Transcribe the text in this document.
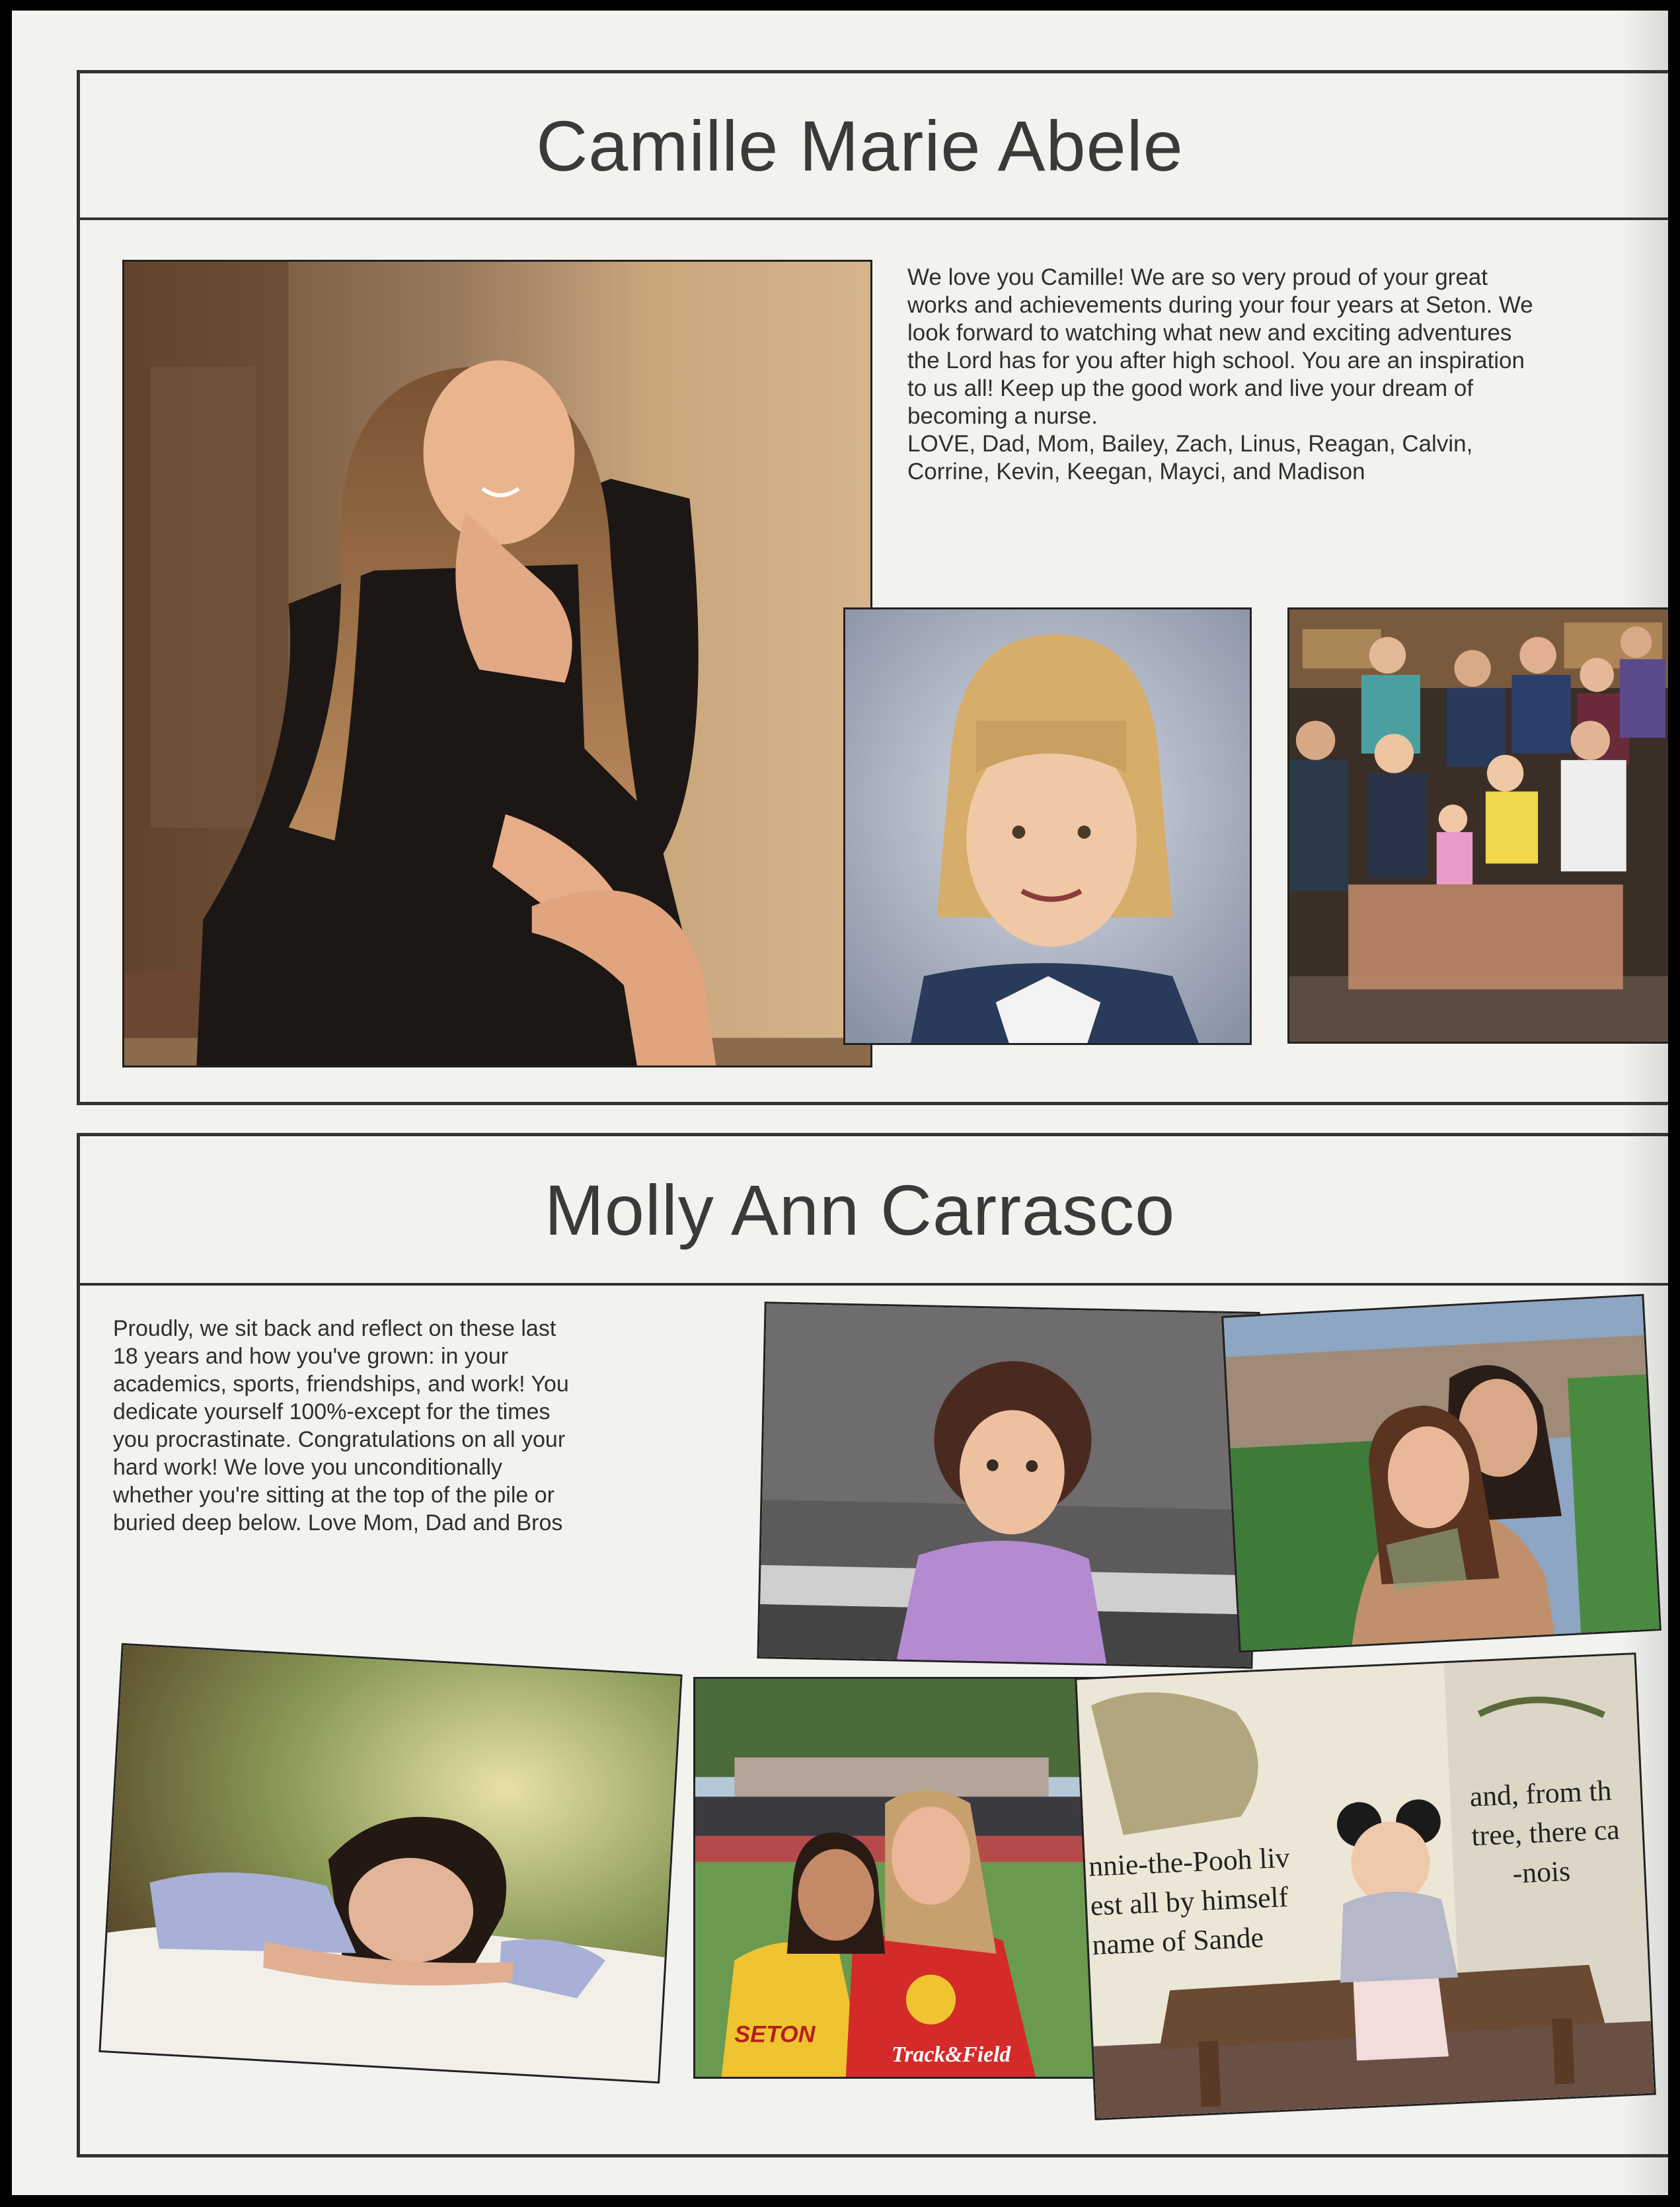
Camille Marie Abele
We love you Camille! We are so very proud of your great
works and achievements during your four years at Seton. We
look forward to watching what new and exciting adventures
the Lord has for you after high school. You are an inspiration
to us all! Keep up the good work and live your dream of
becoming a nurse.
LOVE, Dad, Mom, Bailey, Zach, Linus, Reagan, Calvin,
Corrine, Kevin, Keegan, Mayci, and Madison
Molly Ann Carrasco
Proudly, we sit back and reflect on these last
18 years and how you've grown: in your
academics, sports, friendships, and work! You
dedicate yourself 100%-except for the times
you procrastinate. Congratulations on all your
hard work! We love you unconditionally
whether you're sitting at the top of the pile or
buried deep below. Love Mom, Dad and Bros
SETON
Track&Field
nnie-the-Pooh liv
est all by himself
name of Sande
and, from th
tree, there ca
-nois
